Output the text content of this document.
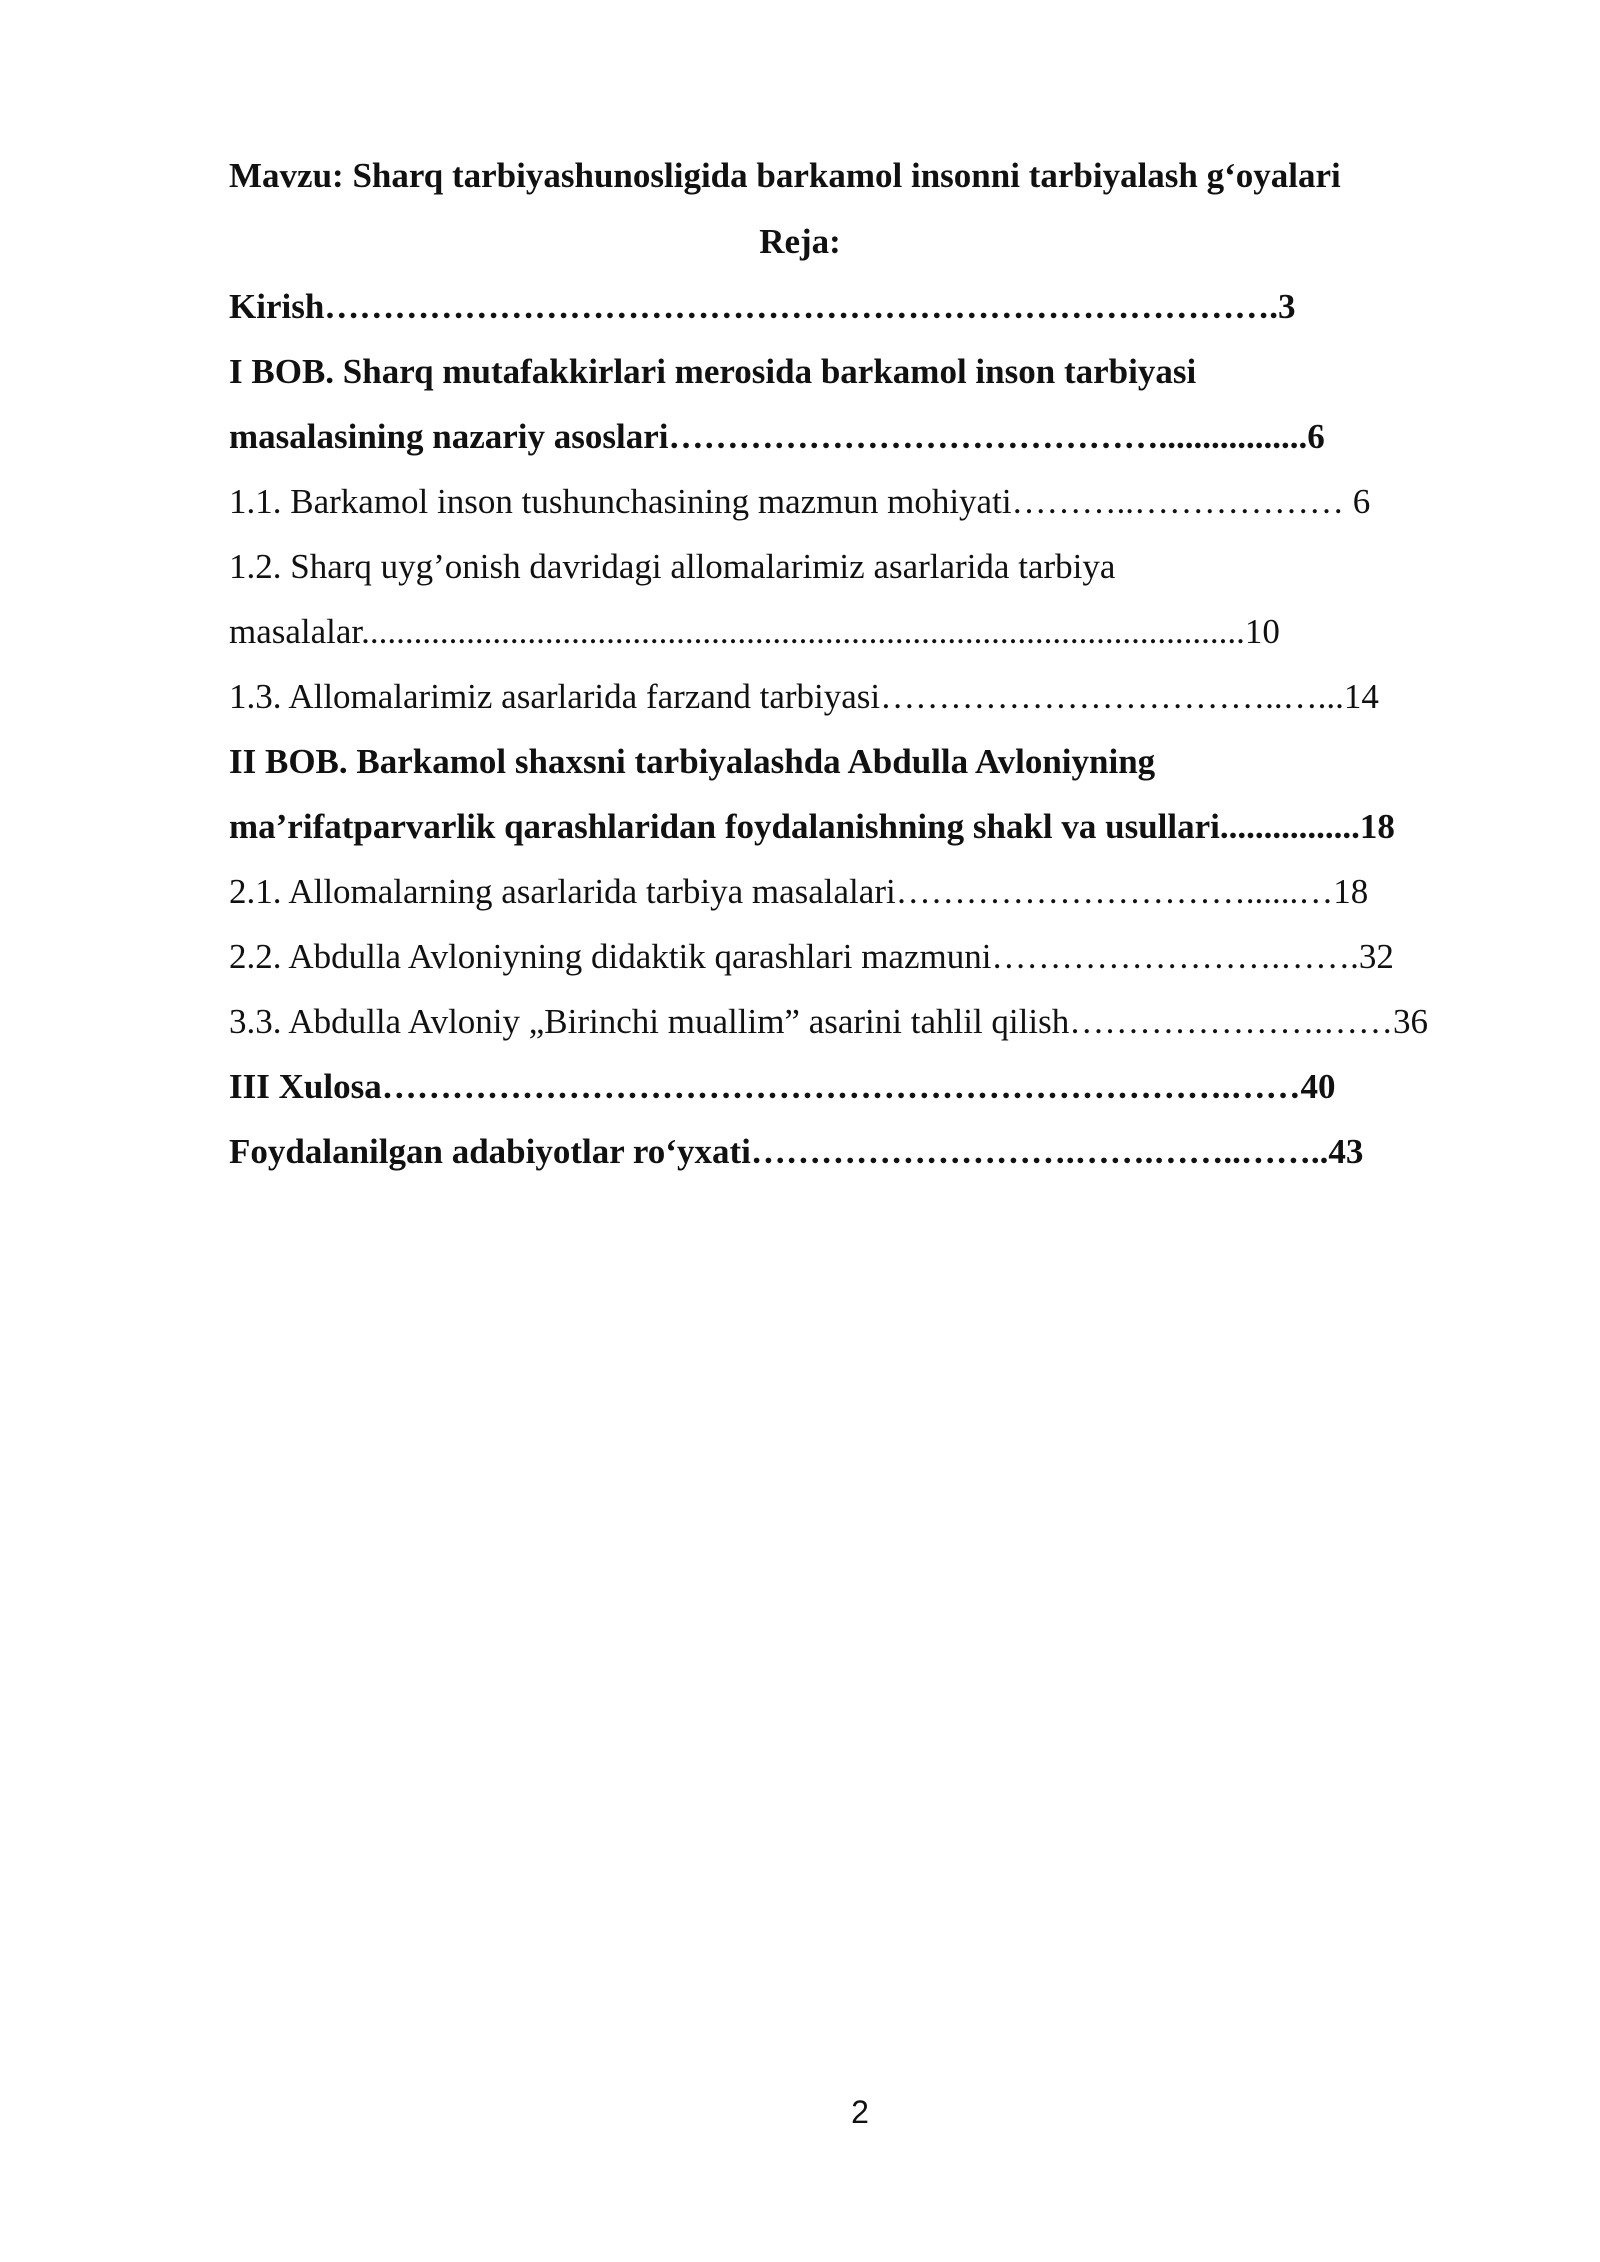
Mavzu: Sharq tarbiyashunosligida barkamol insonni tarbiyalash g‘oyalari
Reja:
Kirish……………………………………………………………………….3
I BOB. Sharq mutafakkirlari merosida barkamol inson tarbiyasi
masalasining nazariy asoslari…………………………………….................6
1.1. Barkamol inson tushunchasining mazmun mohiyati………..……………… 6
1.2. Sharq uyg’onish davridagi allomalarimiz asarlarida tarbiya
masalalar.....................................................................................................10
1.3. Allomalarimiz asarlarida farzand tarbiyasi……………………………..…...14
II BOB. Barkamol shaxsni tarbiyalashda Abdulla Avloniyning
ma’rifatparvarlik qarashlaridan foydalanishning shakl va usullari................18
2.1. Allomalarning asarlarida tarbiya masalalari…………………………......…18
2.2. Abdulla Avloniyning didaktik qarashlari mazmuni…………………….…….32
3.3. Abdulla Avloniy „Birinchi muallim” asarini tahlil qilish………………….……36
III Xulosa……………………………………………………………….……40
Foydalanilgan adabiyotlar ro‘yxati……………………….…….……..……..43
2
